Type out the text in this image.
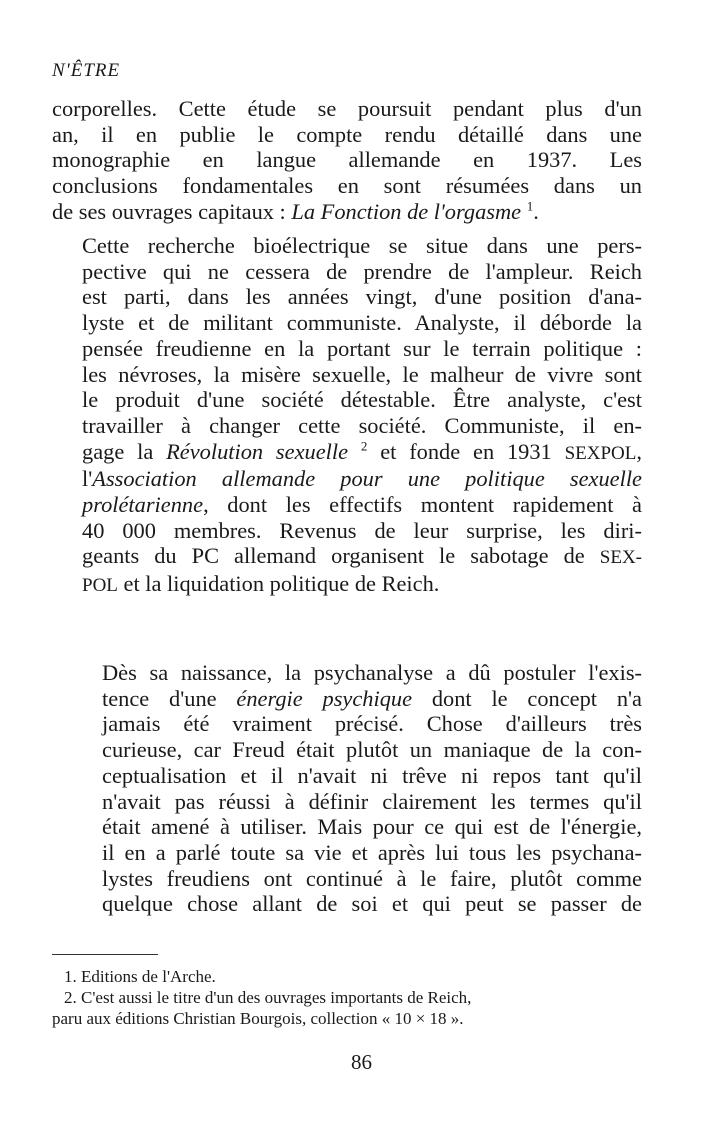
N'ÊTRE
corporelles. Cette étude se poursuit pendant plus d'un
an, il en publie le compte rendu détaillé dans une
monographie en langue allemande en 1937. Les
conclusions fondamentales en sont résumées dans un
de ses ouvrages capitaux : La Fonction de l'orgasme $^1$.
Cette recherche bioélectrique se situe dans une pers-
pective qui ne cessera de prendre de l'ampleur. Reich
est parti, dans les années vingt, d'une position d'ana-
lyste et de militant communiste. Analyste, il déborde la
pensée freudienne en la portant sur le terrain politique :
les névroses, la misère sexuelle, le malheur de vivre sont
le produit d'une société détestable. Être analyste, c'est
travailler à changer cette société. Communiste, il en-
gage la Révolution sexuelle $^2$ et fonde en 1931 SEXPOL,
l'Association allemande pour une politique sexuelle
prolétarienne, dont les effectifs montent rapidement à
40 000 membres. Revenus de leur surprise, les diri-
geants du PC allemand organisent le sabotage de SEX-
POL et la liquidation politique de Reich.
Dès sa naissance, la psychanalyse a dû postuler l'exis-
tence d'une énergie psychique dont le concept n'a
jamais été vraiment précisé. Chose d'ailleurs très
curieuse, car Freud était plutôt un maniaque de la con-
ceptualisation et il n'avait ni trêve ni repos tant qu'il
n'avait pas réussi à définir clairement les termes qu'il
était amené à utiliser. Mais pour ce qui est de l'énergie,
il en a parlé toute sa vie et après lui tous les psychana-
lystes freudiens ont continué à le faire, plutôt comme
quelque chose allant de soi et qui peut se passer de
1. Editions de l'Arche.
2. C'est aussi le titre d'un des ouvrages importants de Reich,
paru aux éditions Christian Bourgois, collection « 10 × 18 ».
86
